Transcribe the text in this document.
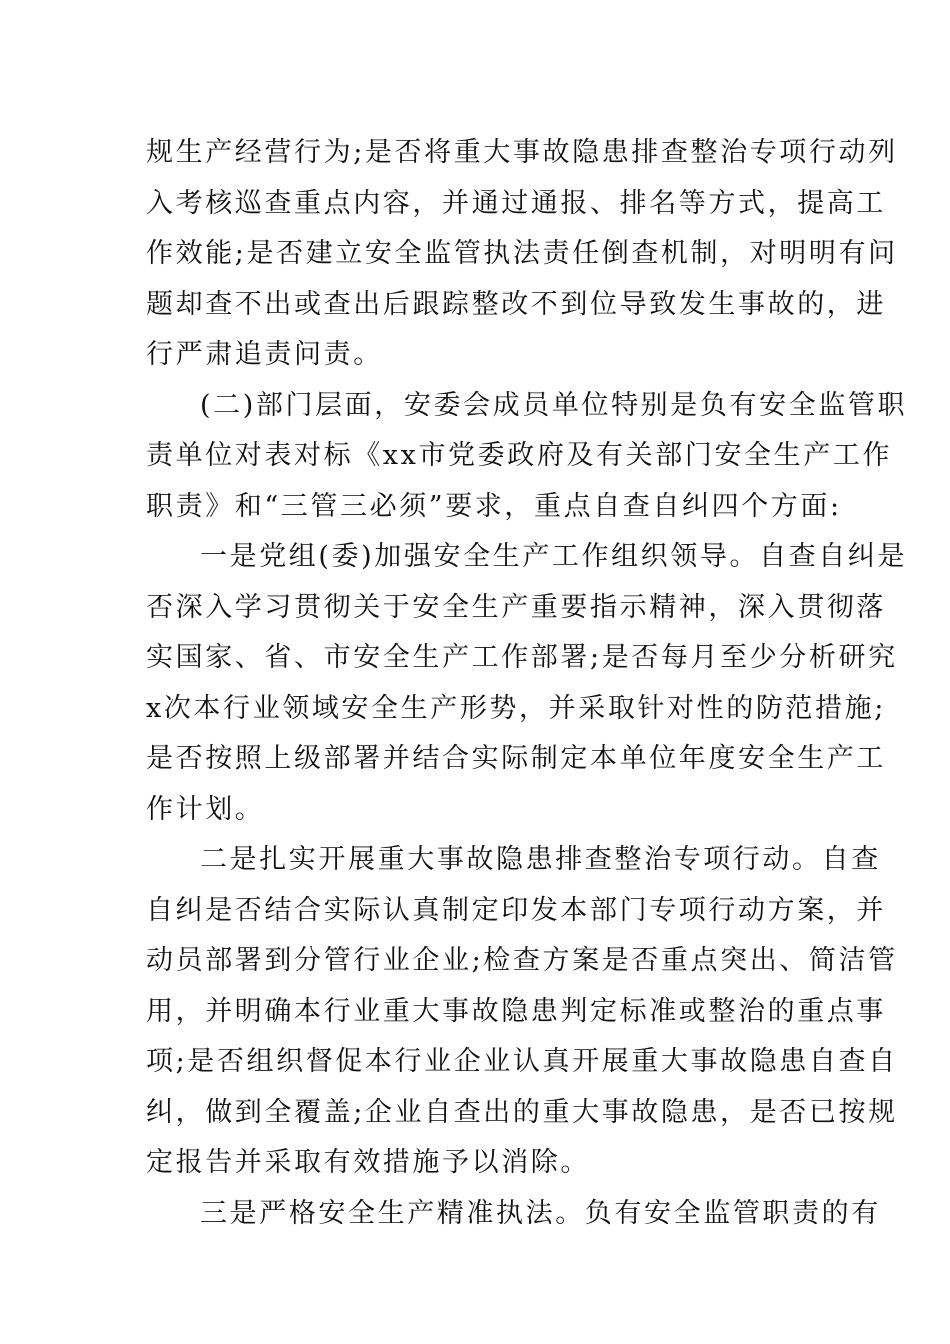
规生产经营行为;是否将重大事故隐患排查整治专项行动列
入考核巡查重点内容，并通过通报、排名等方式，提高工
作效能;是否建立安全监管执法责任倒查机制，对明明有问
题却查不出或查出后跟踪整改不到位导致发生事故的，进
行严肃追责问责。
(二)部门层面，安委会成员单位特别是负有安全监管职
责单位对表对标《xx市党委政府及有关部门安全生产工作
职责》和“三管三必须”要求，重点自查自纠四个方面:
一是党组(委)加强安全生产工作组织领导。自查自纠是
否深入学习贯彻关于安全生产重要指示精神，深入贯彻落
实国家、省、市安全生产工作部署;是否每月至少分析研究
x次本行业领域安全生产形势，并采取针对性的防范措施;
是否按照上级部署并结合实际制定本单位年度安全生产工
作计划。
二是扎实开展重大事故隐患排查整治专项行动。自查
自纠是否结合实际认真制定印发本部门专项行动方案，并
动员部署到分管行业企业;检查方案是否重点突出、简洁管
用，并明确本行业重大事故隐患判定标准或整治的重点事
项;是否组织督促本行业企业认真开展重大事故隐患自查自
纠，做到全覆盖;企业自查出的重大事故隐患，是否已按规
定报告并采取有效措施予以消除。
三是严格安全生产精准执法。负有安全监管职责的有
